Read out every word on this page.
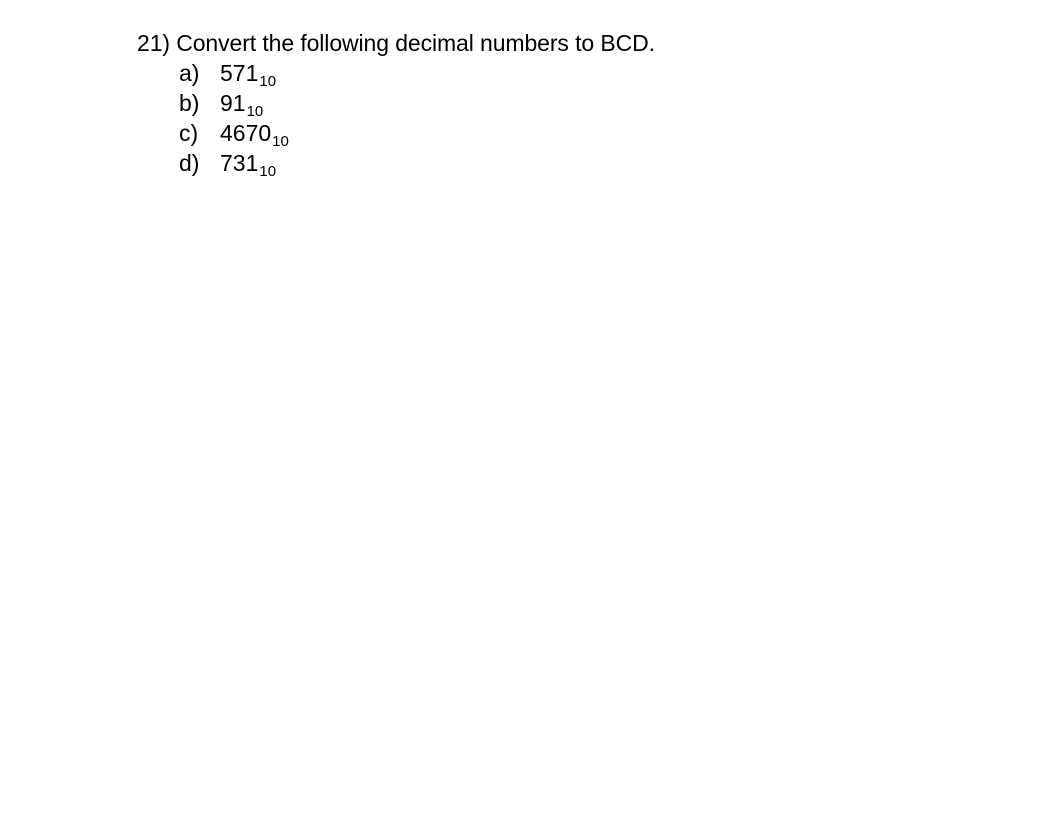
21) Convert the following decimal numbers to BCD.
a) 571 10
b) 91 10
c) 4670 10
d) 731 10
